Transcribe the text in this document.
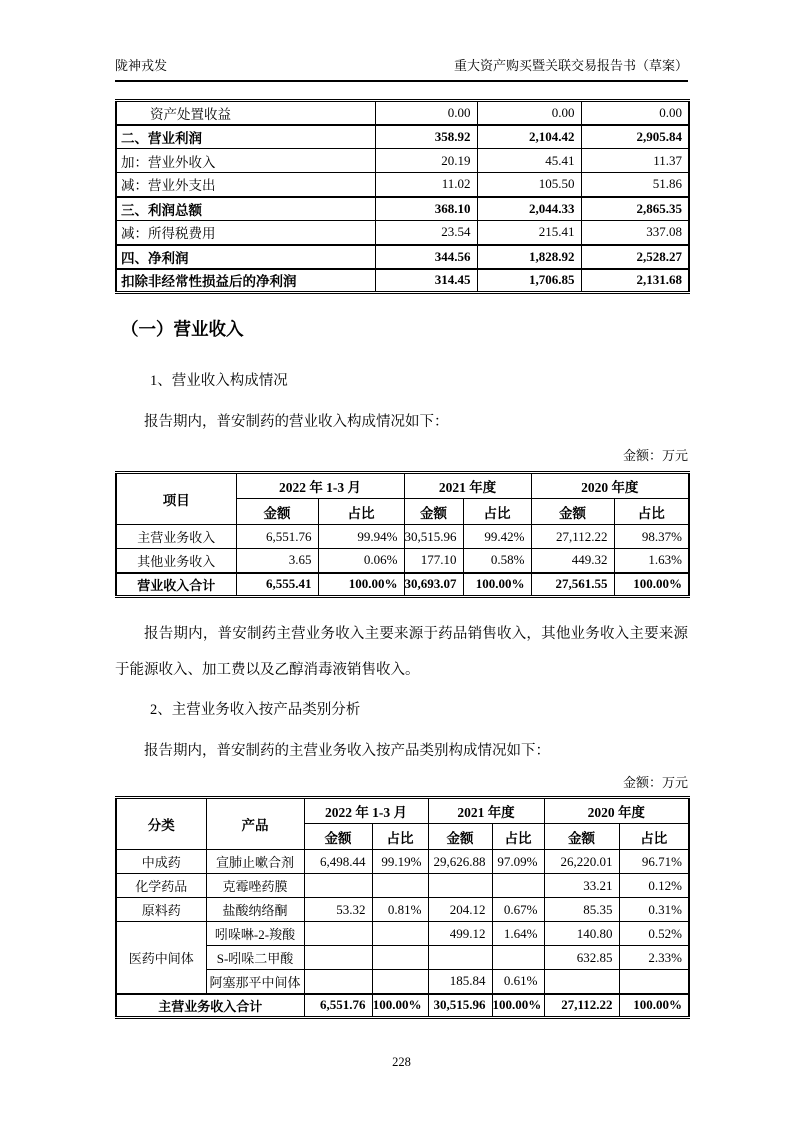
陇神戎发	重大资产购买暨关联交易报告书（草案）
资产处置收益	0.00	0.00	0.00
二、营业利润	358.92	2,104.42	2,905.84
加：营业外收入	20.19	45.41	11.37
减：营业外支出	11.02	105.50	51.86
三、利润总额	368.10	2,044.33	2,865.35
减：所得税费用	23.54	215.41	337.08
四、净利润	344.56	1,828.92	2,528.27
扣除非经常性损益后的净利润	314.45	1,706.85	2,131.68
（一）营业收入
1、营业收入构成情况
报告期内，普安制药的营业收入构成情况如下：
金额：万元
项目	2022 年 1-3 月		2021 年度		2020 年度	
	金额	占比	金额	占比	金额	占比
主营业务收入	6,551.76	99.94%	30,515.96	99.42%	27,112.22	98.37%
其他业务收入	3.65	0.06%	177.10	0.58%	449.32	1.63%
营业收入合计	6,555.41	100.00%	30,693.07	100.00%	27,561.55	100.00%
报告期内，普安制药主营业务收入主要来源于药品销售收入，其他业务收入主要来源于能源收入、加工费以及乙醇消毒液销售收入。
2、主营业务收入按产品类别分析
报告期内，普安制药的主营业务收入按产品类别构成情况如下：
金额：万元
分类	产品	2022 年 1-3 月		2021 年度		2020 年度	
		金额	占比	金额	占比	金额	占比
中成药	宣肺止嗽合剂	6,498.44	99.19%	29,626.88	97.09%	26,220.01	96.71%
化学药品	克霉唑药膜					33.21	0.12%
原料药	盐酸纳络酮	53.32	0.81%	204.12	0.67%	85.35	0.31%
医药中间体	吲哚啉-2-羧酸			499.12	1.64%	140.80	0.52%
	S-吲哚二甲酸					632.85	2.33%
	阿塞那平中间体			185.84	0.61%		
主营业务收入合计		6,551.76	100.00%	30,515.96	100.00%	27,112.22	100.00%
228
